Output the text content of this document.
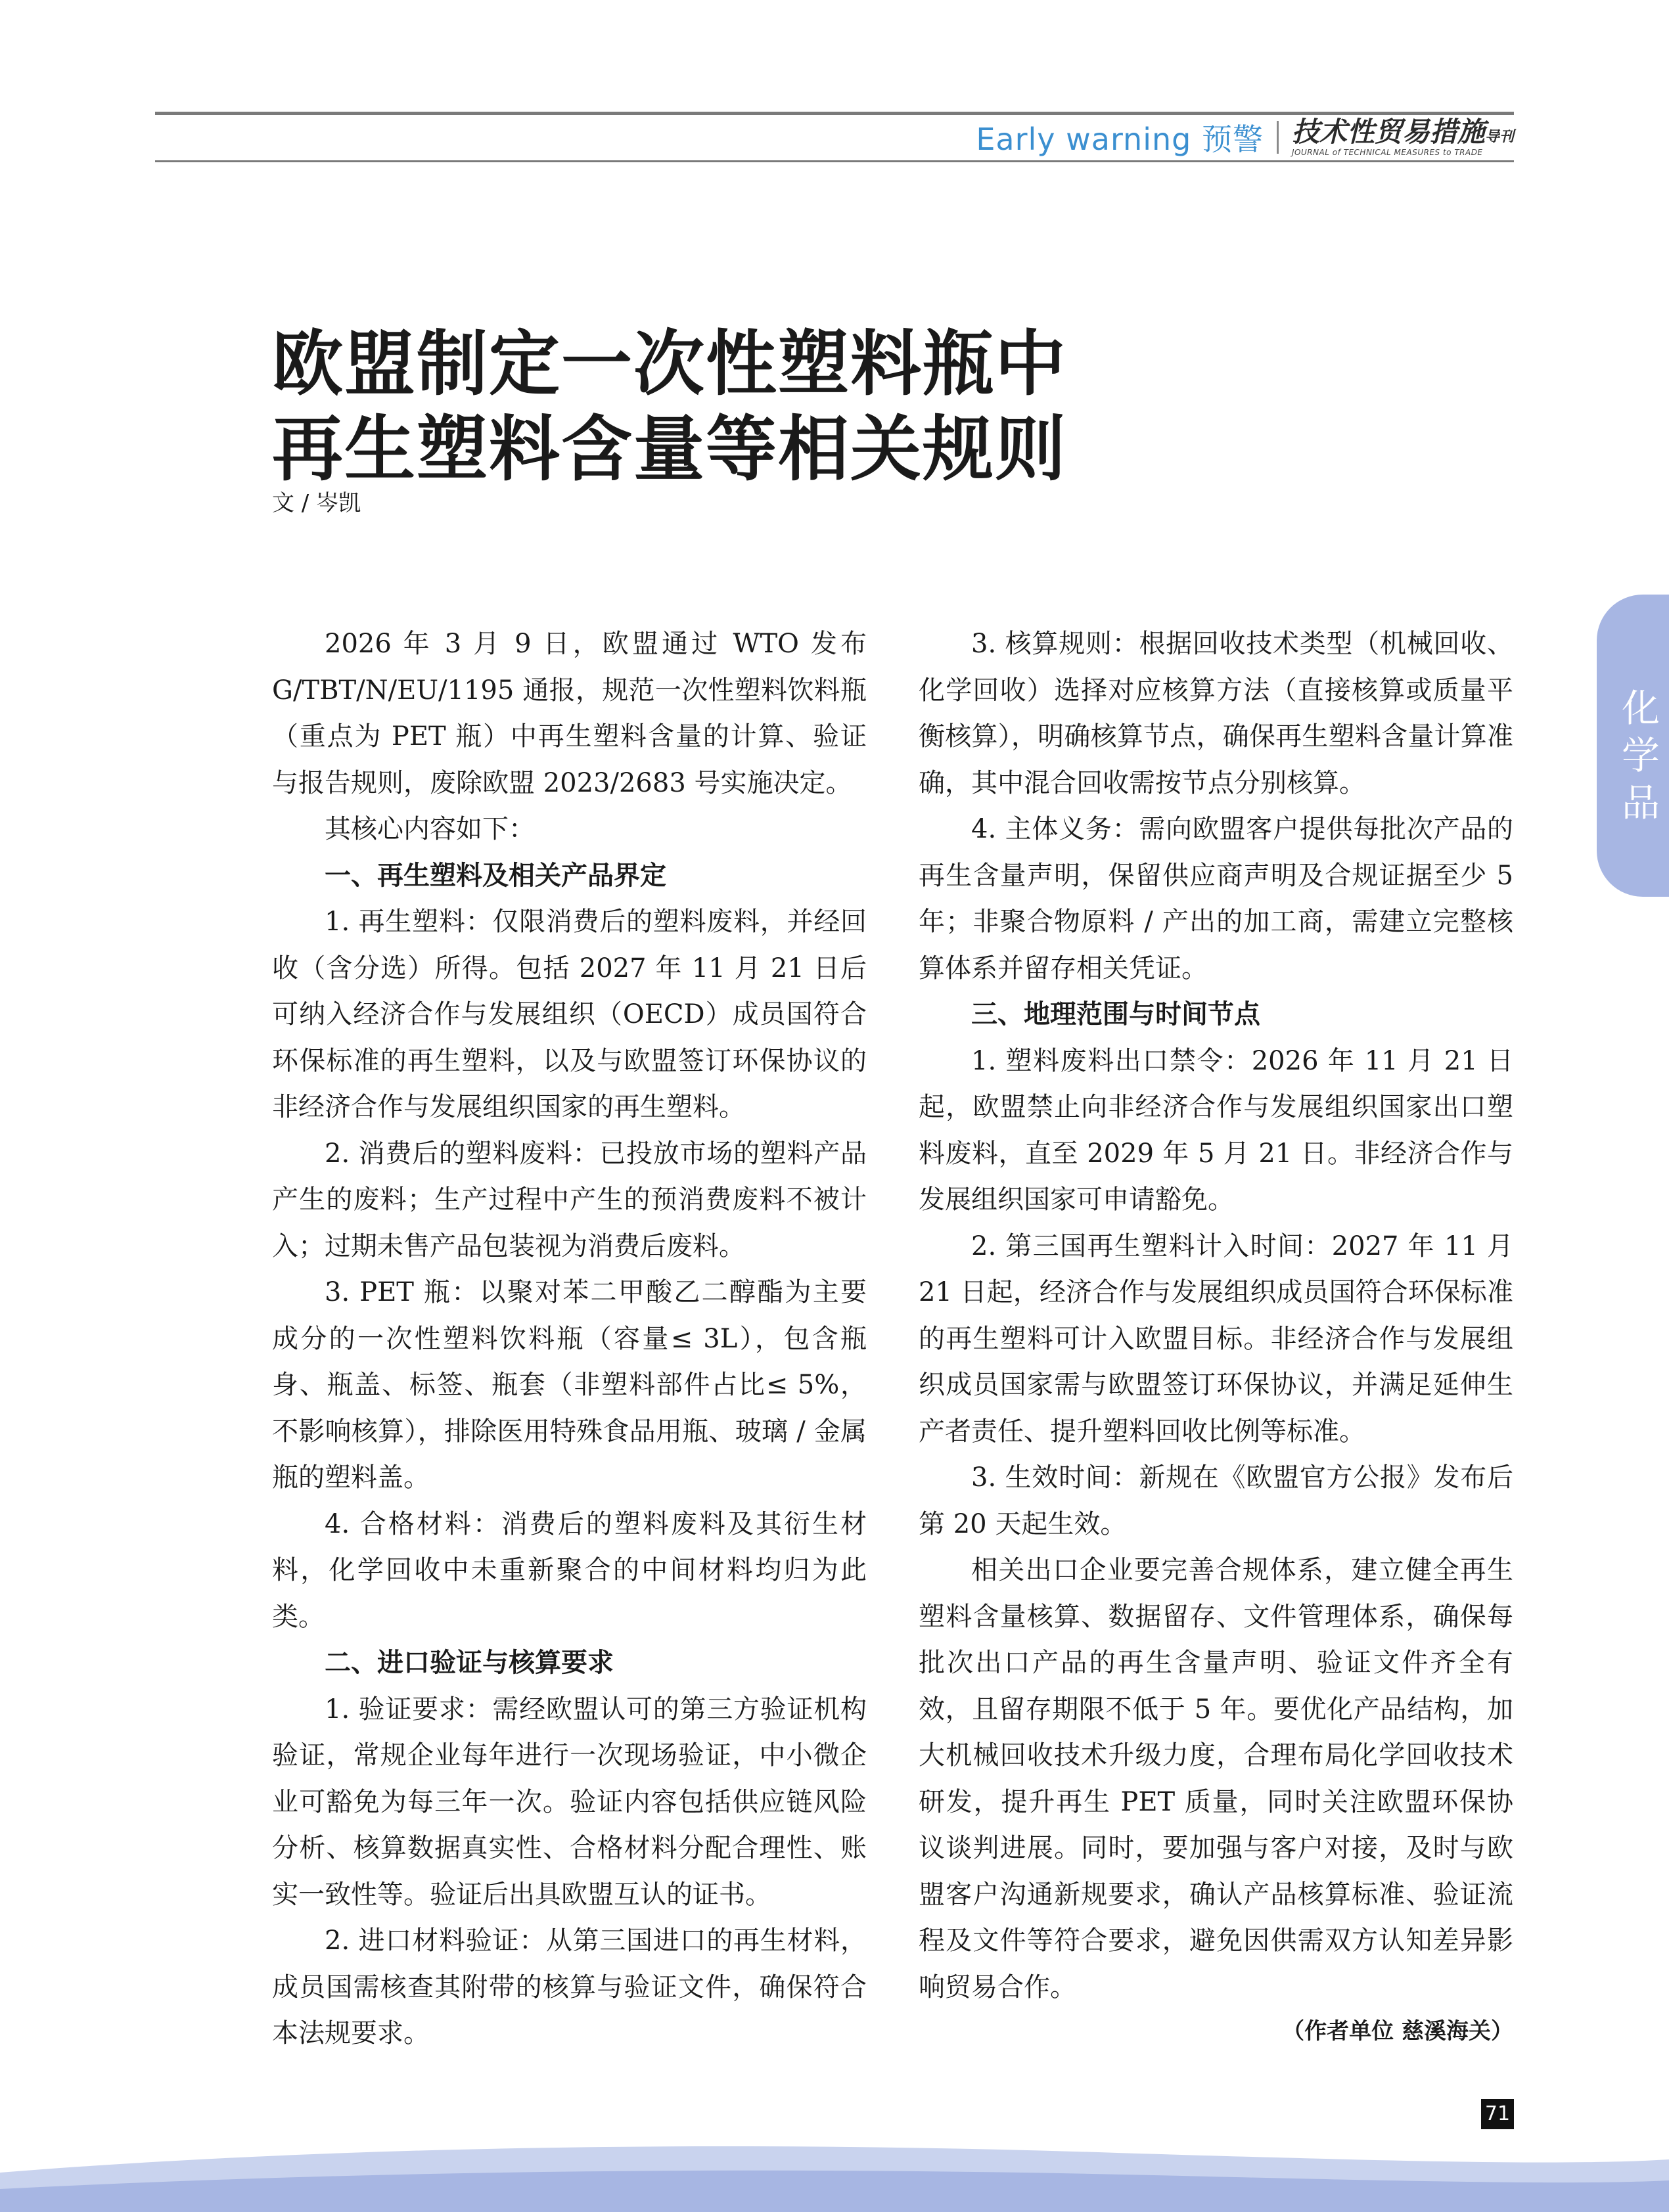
Early warning 预警 技术性贸易措施导刊
JOURNAL of TECHNICAL MEASURES to TRADE
欧盟制定一次性塑料瓶中
再生塑料含量等相关规则
文 / 岑凯

2026 年 3 月 9 日，欧盟通过 WTO 发布 G/TBT/N/EU/1195 通报，规范一次性塑料饮料瓶（重点为 PET 瓶）中再生塑料含量的计算、验证与报告规则，废除欧盟 2023/2683 号实施决定。

其核心内容如下：

一、再生塑料及相关产品界定

1. 再生塑料：仅限消费后的塑料废料，并经回收（含分选）所得。包括 2027 年 11 月 21 日后可纳入经济合作与发展组织（OECD）成员国符合环保标准的再生塑料，以及与欧盟签订环保协议的非经济合作与发展组织国家的再生塑料。

2. 消费后的塑料废料：已投放市场的塑料产品产生的废料；生产过程中产生的预消费废料不被计入；过期未售产品包装视为消费后废料。

3. PET 瓶：以聚对苯二甲酸乙二醇酯为主要成分的一次性塑料饮料瓶（容量≤ 3L），包含瓶身、瓶盖、标签、瓶套（非塑料部件占比≤ 5%，不影响核算），排除医用特殊食品用瓶、玻璃 / 金属瓶的塑料盖。

4. 合格材料：消费后的塑料废料及其衍生材料，化学回收中未重新聚合的中间材料均归为此类。

二、进口验证与核算要求

1. 验证要求：需经欧盟认可的第三方验证机构验证，常规企业每年进行一次现场验证，中小微企业可豁免为每三年一次。验证内容包括供应链风险分析、核算数据真实性、合格材料分配合理性、账实一致性等。验证后出具欧盟互认的证书。

2. 进口材料验证：从第三国进口的再生材料，成员国需核查其附带的核算与验证文件，确保符合本法规要求。

3. 核算规则：根据回收技术类型（机械回收、化学回收）选择对应核算方法（直接核算或质量平衡核算），明确核算节点，确保再生塑料含量计算准确，其中混合回收需按节点分别核算。

4. 主体义务：需向欧盟客户提供每批次产品的再生含量声明，保留供应商声明及合规证据至少 5 年；非聚合物原料 / 产出的加工商，需建立完整核算体系并留存相关凭证。

三、地理范围与时间节点

1. 塑料废料出口禁令：2026 年 11 月 21 日起，欧盟禁止向非经济合作与发展组织国家出口塑料废料，直至 2029 年 5 月 21 日。非经济合作与发展组织国家可申请豁免。

2. 第三国再生塑料计入时间：2027 年 11 月 21 日起，经济合作与发展组织成员国符合环保标准的再生塑料可计入欧盟目标。非经济合作与发展组织成员国家需与欧盟签订环保协议，并满足延伸生产者责任、提升塑料回收比例等标准。

3. 生效时间：新规在《欧盟官方公报》发布后第 20 天起生效。

相关出口企业要完善合规体系，建立健全再生塑料含量核算、数据留存、文件管理体系，确保每批次出口产品的再生含量声明、验证文件齐全有效，且留存期限不低于 5 年。要优化产品结构，加大机械回收技术升级力度，合理布局化学回收技术研发，提升再生 PET 质量，同时关注欧盟环保协议谈判进展。同时，要加强与客户对接，及时与欧盟客户沟通新规要求，确认产品核算标准、验证流程及文件等符合要求，避免因供需双方认知差异影响贸易合作。

（作者单位 慈溪海关）
化学品
71
